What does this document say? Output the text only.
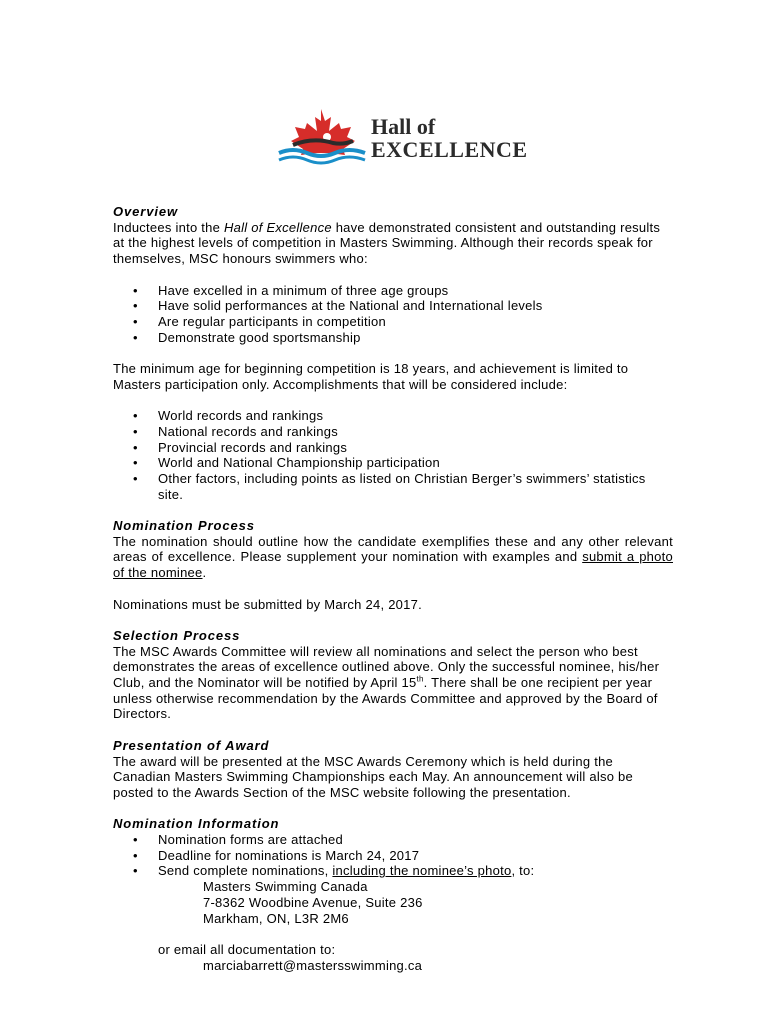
Hall of
EXCELLENCE

Overview

Inductees into the Hall of Excellence have demonstrated consistent and outstanding results at the highest levels of competition in Masters Swimming. Although their records speak for themselves, MSC honours swimmers who:

• Have excelled in a minimum of three age groups
• Have solid performances at the National and International levels
• Are regular participants in competition
• Demonstrate good sportsmanship

The minimum age for beginning competition is 18 years, and achievement is limited to Masters participation only. Accomplishments that will be considered include:

• World records and rankings
• National records and rankings
• Provincial records and rankings
• World and National Championship participation
• Other factors, including points as listed on Christian Berger’s swimmers’ statistics site.

Nomination Process

The nomination should outline how the candidate exemplifies these and any other relevant areas of excellence. Please supplement your nomination with examples and submit a photo of the nominee.

Nominations must be submitted by March 24, 2017.

Selection Process

The MSC Awards Committee will review all nominations and select the person who best demonstrates the areas of excellence outlined above. Only the successful nominee, his/her Club, and the Nominator will be notified by April 15th. There shall be one recipient per year unless otherwise recommendation by the Awards Committee and approved by the Board of Directors.

Presentation of Award

The award will be presented at the MSC Awards Ceremony which is held during the Canadian Masters Swimming Championships each May. An announcement will also be posted to the Awards Section of the MSC website following the presentation.

Nomination Information

• Nomination forms are attached
• Deadline for nominations is March 24, 2017
• Send complete nominations, including the nominee’s photo, to:

Masters Swimming Canada

7-8362 Woodbine Avenue, Suite 236

Markham, ON, L3R 2M6

or email all documentation to:

marciabarrett@mastersswimming.ca
